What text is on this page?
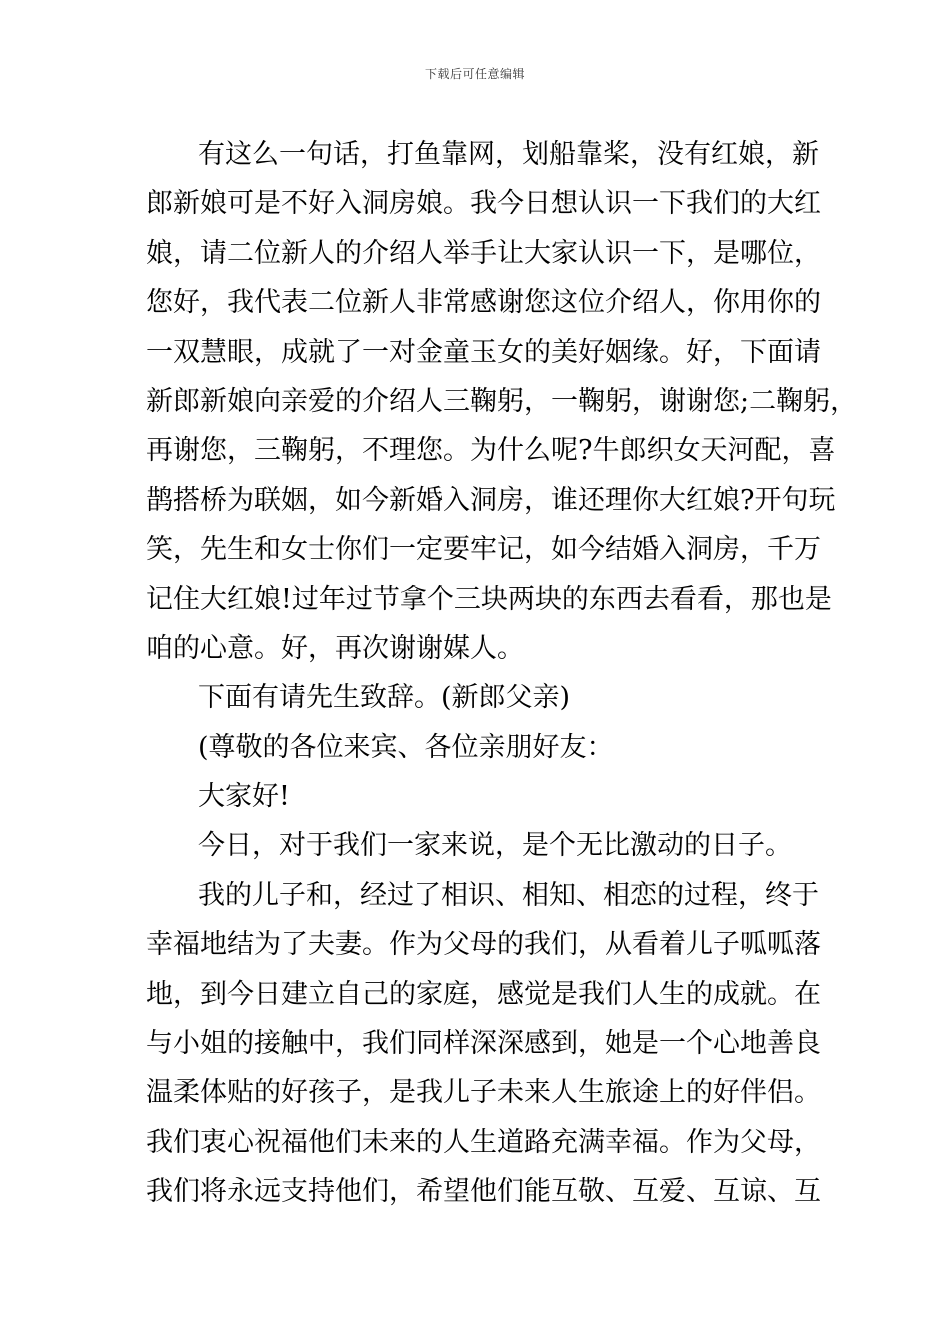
下载后可任意编辑
有这么一句话，打鱼靠网，划船靠桨，没有红娘，新
郎新娘可是不好入洞房娘。我今日想认识一下我们的大红
娘，请二位新人的介绍人举手让大家认识一下，是哪位，
您好，我代表二位新人非常感谢您这位介绍人，你用你的
一双慧眼，成就了一对金童玉女的美好姻缘。好，下面请
新郎新娘向亲爱的介绍人三鞠躬，一鞠躬，谢谢您;二鞠躬，
再谢您，三鞠躬，不理您。为什么呢?牛郎织女天河配，喜
鹊搭桥为联姻，如今新婚入洞房，谁还理你大红娘?开句玩
笑，先生和女士你们一定要牢记，如今结婚入洞房，千万
记住大红娘!过年过节拿个三块两块的东西去看看，那也是
咱的心意。好，再次谢谢媒人。
下面有请先生致辞。(新郎父亲)
(尊敬的各位来宾、各位亲朋好友：
大家好!
今日，对于我们一家来说，是个无比激动的日子。
我的儿子和，经过了相识、相知、相恋的过程，终于
幸福地结为了夫妻。作为父母的我们，从看着儿子呱呱落
地，到今日建立自己的家庭，感觉是我们人生的成就。在
与小姐的接触中，我们同样深深感到，她是一个心地善良
温柔体贴的好孩子，是我儿子未来人生旅途上的好伴侣。
我们衷心祝福他们未来的人生道路充满幸福。作为父母，
我们将永远支持他们，希望他们能互敬、互爱、互谅、互
